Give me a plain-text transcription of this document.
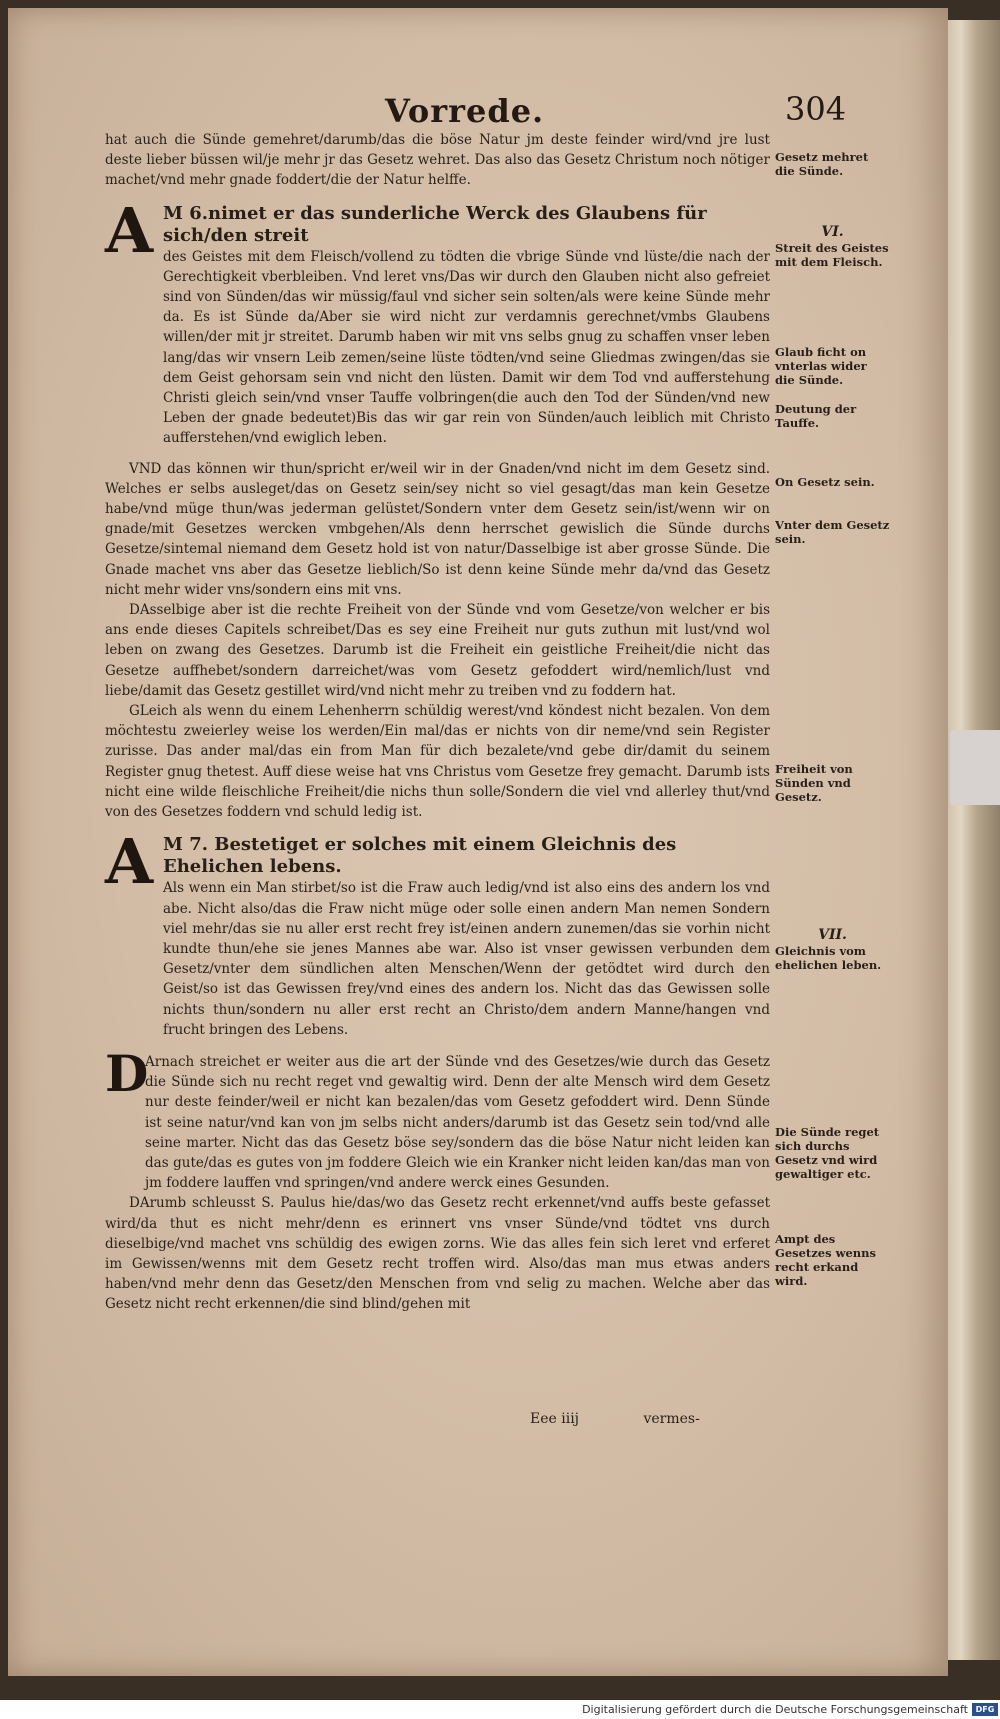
Vorrede.	304

hat auch die Sünde gemehret/darumb/das die böse Natur jm deste feinder wird/vnd jre lust deste lieber büssen wil/je mehr jr das Gesetz wehret. Das also das Gesetz Christum noch nötiger machet/vnd mehr gnade foddert/die der Natur helffe.

A M 6.nimet er das sunderliche Werck des Glaubens für sich/den streit

des Geistes mit dem Fleisch/vollend zu tödten die vbrige Sünde vnd lüste/die nach der Gerechtigkeit vberbleiben. Vnd leret vns/Das wir durch den Glauben nicht also gefreiet sind von Sünden/das wir müssig/faul vnd sicher sein solten/als were keine Sünde mehr da. Es ist Sünde da/Aber sie wird nicht zur verdamnis gerechnet/vmbs Glaubens willen/der mit jr streitet. Darumb haben wir mit vns selbs gnug zu schaffen vnser leben lang/das wir vnsern Leib zemen/seine lüste tödten/vnd seine Gliedmas zwingen/das sie dem Geist gehorsam sein vnd nicht den lüsten. Damit wir dem Tod vnd aufferstehung Christi gleich sein/vnd vnser Tauffe volbringen(die auch den Tod der Sünden/vnd new Leben der gnade bedeutet)Bis das wir gar rein von Sünden/auch leiblich mit Christo aufferstehen/vnd ewiglich leben.

VND das können wir thun/spricht er/weil wir in der Gnaden/vnd nicht im dem Gesetz sind. Welches er selbs ausleget/das on Gesetz sein/sey nicht so viel gesagt/das man kein Gesetze habe/vnd müge thun/was jederman gelüstet/Sondern vnter dem Gesetz sein/ist/wenn wir on gnade/mit Gesetzes wercken vmbgehen/Als denn herrschet gewislich die Sünde durchs Gesetze/sintemal niemand dem Gesetz hold ist von natur/Dasselbige ist aber grosse Sünde. Die Gnade machet vns aber das Gesetze lieblich/So ist denn keine Sünde mehr da/vnd das Gesetz nicht mehr wider vns/sondern eins mit vns.

DAsselbige aber ist die rechte Freiheit von der Sünde vnd vom Gesetze/von welcher er bis ans ende dieses Capitels schreibet/Das es sey eine Freiheit nur guts zuthun mit lust/vnd wol leben on zwang des Gesetzes. Darumb ist die Freiheit ein geistliche Freiheit/die nicht das Gesetze auffhebet/sondern darreichet/was vom Gesetz gefoddert wird/nemlich/lust vnd liebe/damit das Gesetz gestillet wird/vnd nicht mehr zu treiben vnd zu foddern hat.

GLeich als wenn du einem Lehenherrn schüldig werest/vnd köndest nicht bezalen. Von dem möchtestu zweierley weise los werden/Ein mal/das er nichts von dir neme/vnd sein Register zurisse. Das ander mal/das ein from Man für dich bezalete/vnd gebe dir/damit du seinem Register gnug thetest. Auff diese weise hat vns Christus vom Gesetze frey gemacht. Darumb ists nicht eine wilde fleischliche Freiheit/die nichs thun solle/Sondern die viel vnd allerley thut/vnd von des Gesetzes foddern vnd schuld ledig ist.

A M 7. Bestetiget er solches mit einem Gleichnis des Ehelichen lebens.

Als wenn ein Man stirbet/so ist die Fraw auch ledig/vnd ist also eins des andern los vnd abe. Nicht also/das die Fraw nicht müge oder solle einen andern Man nemen Sondern viel mehr/das sie nu aller erst recht frey ist/einen andern zunemen/das sie vorhin nicht kundte thun/ehe sie jenes Mannes abe war. Also ist vnser gewissen verbunden dem Gesetz/vnter dem sündlichen alten Menschen/Wenn der getödtet wird durch den Geist/so ist das Gewissen frey/vnd eines des andern los. Nicht das das Gewissen solle nichts thun/sondern nu aller erst recht an Christo/dem andern Manne/hangen vnd frucht bringen des Lebens.

D

Arnach streichet er weiter aus die art der Sünde vnd des Gesetzes/wie durch das Gesetz die Sünde sich nu recht reget vnd gewaltig wird. Denn der alte Mensch wird dem Gesetz nur deste feinder/weil er nicht kan bezalen/das vom Gesetz gefoddert wird. Denn Sünde ist seine natur/vnd kan von jm selbs nicht anders/darumb ist das Gesetz sein tod/vnd alle seine marter. Nicht das das Gesetz böse sey/sondern das die böse Natur nicht leiden kan das gute/das es gutes von jm foddere Gleich wie ein Kranker nicht leiden kan/das man von jm foddere lauffen vnd springen/vnd andere werck eines Gesunden.

DArumb schleusst S. Paulus hie/das/wo das Gesetz recht erkennet/vnd auffs beste gefasset wird/da thut es nicht mehr/denn es erinnert vns vnser Sünde/vnd tödtet vns durch dieselbige/vnd machet vns schüldig des ewigen zorns. Wie das alles fein sich leret vnd erferet im Gewissen/wenns mit dem Gesetz recht troffen wird. Also/das man mus etwas anders haben/vnd mehr denn das Gesetz/den Menschen from vnd selig zu machen. Welche aber das Gesetz nicht recht erkennen/die sind blind/gehen mit

Gesetz mehret die Sünde.
VI.
Streit des Geistes mit dem Fleisch.
Glaub ficht on vnterlas wider die Sünde.
Deutung der Tauffe.
On Gesetz sein.
Vnter dem Gesetz sein.
Freiheit von Sünden vnd Gesetz.
VII.
Gleichnis vom ehelichen leben.
Die Sünde reget sich durchs Gesetz vnd wird gewaltiger etc.
Ampt des Gesetzes wenns recht erkand wird.
Eee iiij	vermes-
Digitalisierung gefördert durch die Deutsche Forschungsgemeinschaft DFG
